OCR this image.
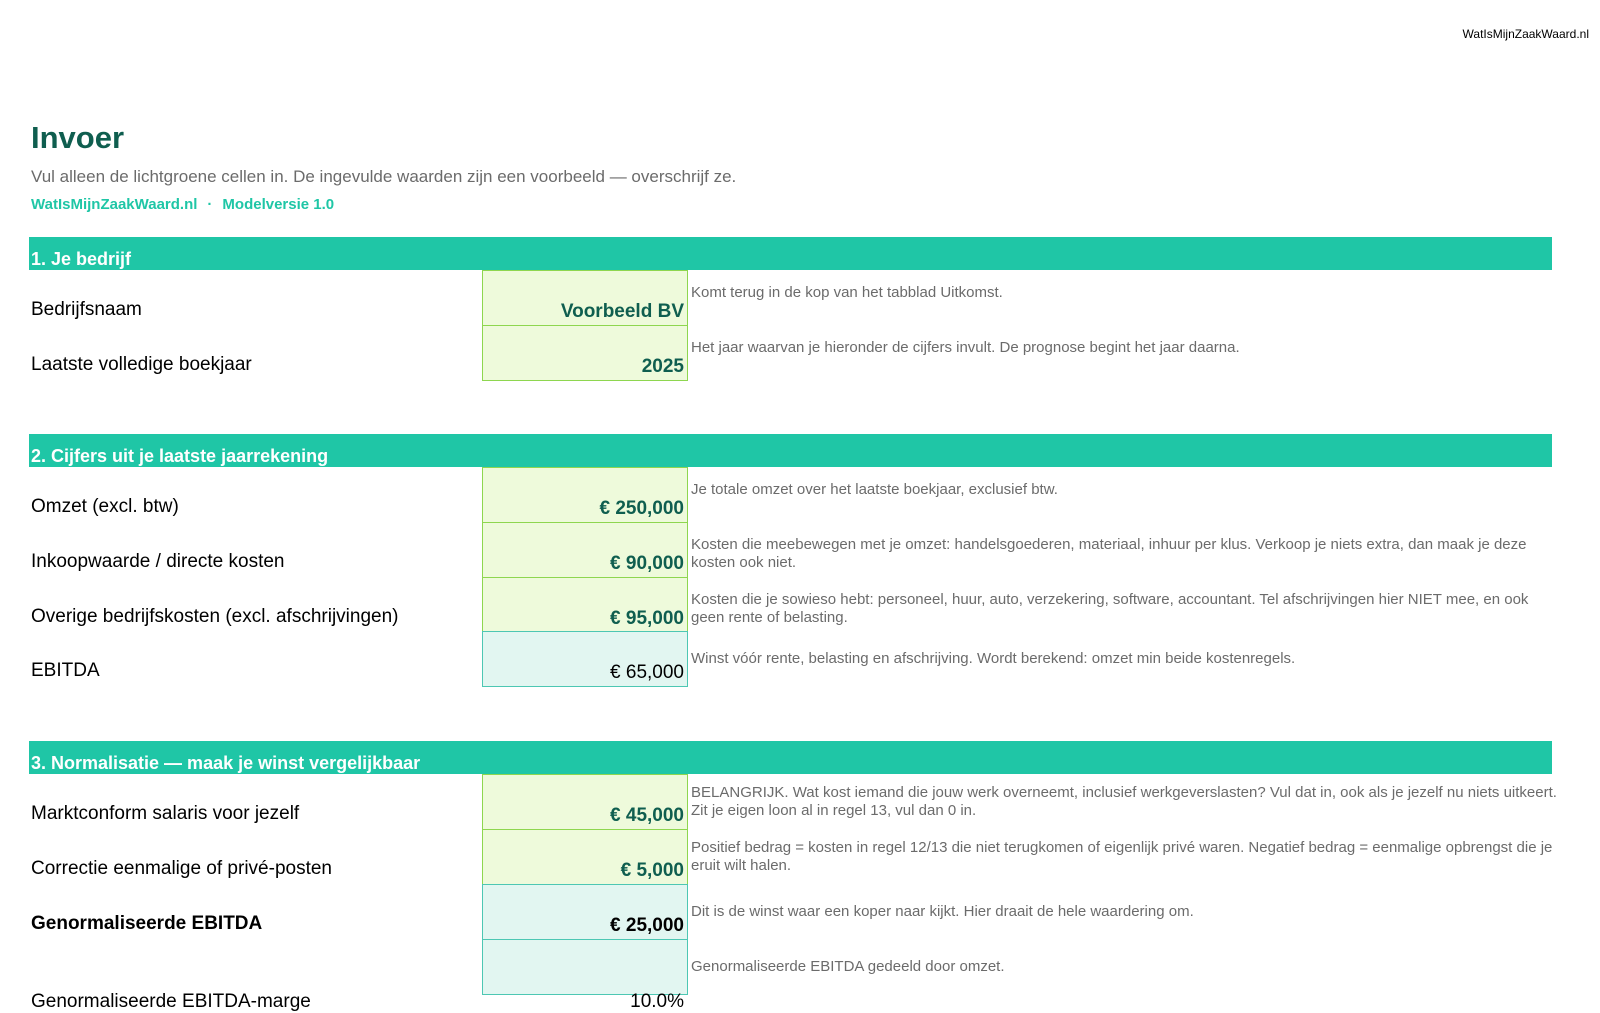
WatIsMijnZaakWaard.nl
Invoer
Vul alleen de lichtgroene cellen in. De ingevulde waarden zijn een voorbeeld — overschrijf ze.
WatIsMijnZaakWaard.nl · Modelversie 1.0
1. Je bedrijf
Bedrijfsnaam	Voorbeeld BV
Komt terug in de kop van het tabblad Uitkomst.
Laatste volledige boekjaar	2025
Het jaar waarvan je hieronder de cijfers invult. De prognose begint het jaar daarna.
2. Cijfers uit je laatste jaarrekening
Omzet (excl. btw)	€ 250,000
Je totale omzet over het laatste boekjaar, exclusief btw.
Inkoopwaarde / directe kosten	€ 90,000
Kosten die meebewegen met je omzet: handelsgoederen, materiaal, inhuur per klus. Verkoop je niets extra, dan maak je deze kosten ook niet.
Overige bedrijfskosten (excl. afschrijvingen)	€ 95,000
Kosten die je sowieso hebt: personeel, huur, auto, verzekering, software, accountant. Tel afschrijvingen hier NIET mee, en ook geen rente of belasting.
EBITDA	€ 65,000
Winst vóór rente, belasting en afschrijving. Wordt berekend: omzet min beide kostenregels.
3. Normalisatie — maak je winst vergelijkbaar
Marktconform salaris voor jezelf	€ 45,000
BELANGRIJK. Wat kost iemand die jouw werk overneemt, inclusief werkgeverslasten? Vul dat in, ook als je jezelf nu niets uitkeert. Zit je eigen loon al in regel 13, vul dan 0 in.
Correctie eenmalige of privé-posten	€ 5,000
Positief bedrag = kosten in regel 12/13 die niet terugkomen of eigenlijk privé waren. Negatief bedrag = eenmalige opbrengst die je eruit wilt halen.
Genormaliseerde EBITDA	€ 25,000
Dit is de winst waar een koper naar kijkt. Hier draait de hele waardering om.
Genormaliseerde EBITDA-marge	10.0%
Genormaliseerde EBITDA gedeeld door omzet.
